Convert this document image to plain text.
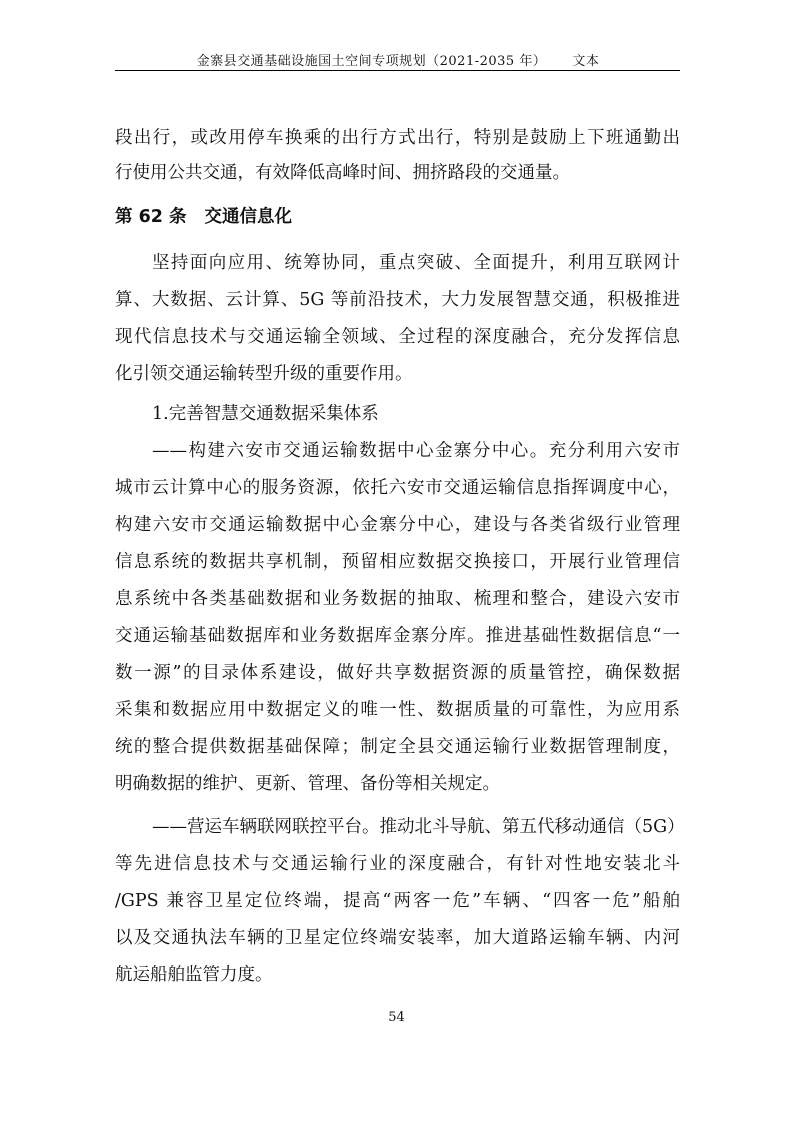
金寨县交通基础设施国土空间专项规划（2021-2035 年） 文本
段出行，或改用停车换乘的出行方式出行，特别是鼓励上下班通勤出
行使用公共交通，有效降低高峰时间、拥挤路段的交通量。
第 62 条 交通信息化
坚持面向应用、统筹协同，重点突破、全面提升，利用互联网计
算、大数据、云计算、5G 等前沿技术，大力发展智慧交通，积极推进
现代信息技术与交通运输全领域、全过程的深度融合，充分发挥信息
化引领交通运输转型升级的重要作用。
1.完善智慧交通数据采集体系
——构建六安市交通运输数据中心金寨分中心。充分利用六安市
城市云计算中心的服务资源，依托六安市交通运输信息指挥调度中心，
构建六安市交通运输数据中心金寨分中心，建设与各类省级行业管理
信息系统的数据共享机制，预留相应数据交换接口，开展行业管理信
息系统中各类基础数据和业务数据的抽取、梳理和整合，建设六安市
交通运输基础数据库和业务数据库金寨分库。推进基础性数据信息“一
数一源”的目录体系建设，做好共享数据资源的质量管控，确保数据
采集和数据应用中数据定义的唯一性、数据质量的可靠性，为应用系
统的整合提供数据基础保障；制定全县交通运输行业数据管理制度，
明确数据的维护、更新、管理、备份等相关规定。
——营运车辆联网联控平台。推动北斗导航、第五代移动通信（5G）
等先进信息技术与交通运输行业的深度融合，有针对性地安装北斗
/GPS 兼容卫星定位终端，提高“两客一危”车辆、“四客一危”船舶
以及交通执法车辆的卫星定位终端安装率，加大道路运输车辆、内河
航运船舶监管力度。
54
